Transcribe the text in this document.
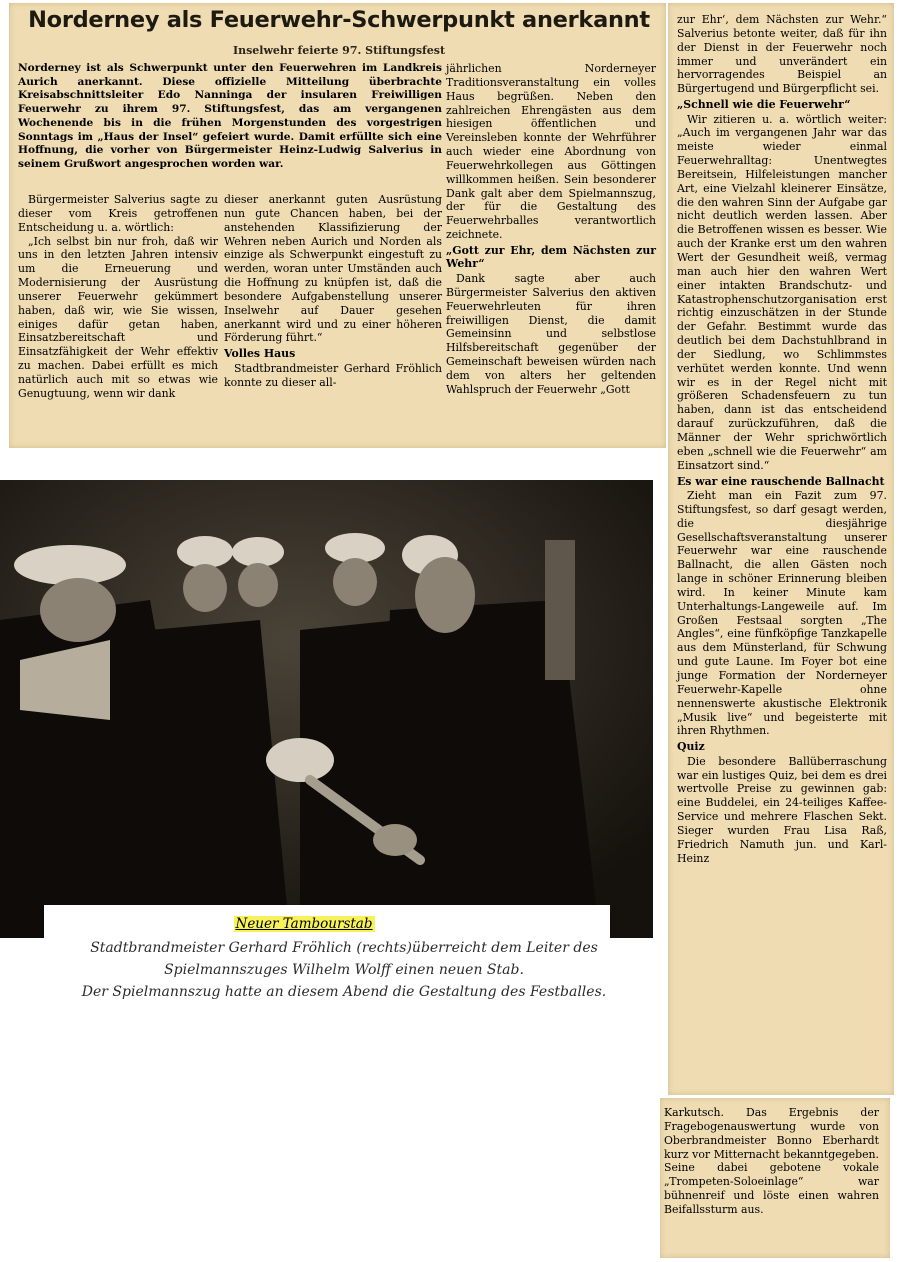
Norderney als Feuerwehr-Schwerpunkt anerkannt
Inselwehr feierte 97. Stiftungsfest
Norderney ist als Schwerpunkt unter den Feuerwehren im Landkreis Aurich anerkannt. Diese offizielle Mitteilung überbrachte Kreisabschnittsleiter Edo Nanninga der insularen Freiwilligen Feuerwehr zu ihrem 97. Stiftungsfest, das am vergangenen Wochenende bis in die frühen Morgenstunden des vorgestrigen Sonntags im „Haus der Insel“ gefeiert wurde. Damit erfüllte sich eine Hoffnung, die vorher von Bürgermeister Heinz-Ludwig Salverius in seinem Grußwort angesprochen worden war.

Bürgermeister Salverius sagte zu dieser vom Kreis getroffenen Entscheidung u. a. wörtlich:

„Ich selbst bin nur froh, daß wir uns in den letzten Jahren intensiv um die Erneuerung und Modernisierung der Ausrüstung unserer Feuerwehr gekümmert haben, daß wir, wie Sie wissen, einiges dafür getan haben, Einsatzbereitschaft und Einsatzfähigkeit der Wehr effektiv zu machen. Dabei erfüllt es mich natürlich auch mit so etwas wie Genugtuung, wenn wir dank

dieser anerkannt guten Ausrüstung nun gute Chancen haben, bei der anstehenden Klassifizierung der Wehren neben Aurich und Norden als einzige als Schwerpunkt eingestuft zu werden, woran unter Umständen auch die Hoffnung zu knüpfen ist, daß die besondere Aufgabenstellung unserer Inselwehr auf Dauer gesehen anerkannt wird und zu einer höheren Förderung führt.“

Volles Haus

Stadtbrandmeister Gerhard Fröhlich konnte zu dieser all-

jährlichen Norderneyer Traditionsveranstaltung ein volles Haus begrüßen. Neben den zahlreichen Ehrengästen aus dem hiesigen öffentlichen und Vereinsleben konnte der Wehrführer auch wieder eine Abordnung von Feuerwehrkollegen aus Göttingen willkommen heißen. Sein besonderer Dank galt aber dem Spielmannszug, der für die Gestaltung des Feuerwehrballes verantwortlich zeichnete.

„Gott zur Ehr, dem Nächsten zur Wehr“

Dank sagte aber auch Bürgermeister Salverius den aktiven Feuerwehrleuten für ihren freiwilligen Dienst, die damit Gemeinsinn und selbstlose Hilfsbereitschaft gegenüber der Gemeinschaft beweisen würden nach dem von alters her geltenden Wahlspruch der Feuerwehr „Gott

zur Ehr‘, dem Nächsten zur Wehr.“ Salverius betonte weiter, daß für ihn der Dienst in der Feuerwehr noch immer und unverändert ein hervorragendes Beispiel an Bürgertugend und Bürgerpflicht sei.

„Schnell wie die Feuerwehr“

Wir zitieren u. a. wörtlich weiter: „Auch im vergangenen Jahr war das meiste wieder einmal Feuerwehralltag: Unentwegtes Bereitsein, Hilfeleistungen mancher Art, eine Vielzahl kleinerer Einsätze, die den wahren Sinn der Aufgabe gar nicht deutlich werden lassen. Aber die Betroffenen wissen es besser. Wie auch der Kranke erst um den wahren Wert der Gesundheit weiß, vermag man auch hier den wahren Wert einer intakten Brandschutz- und Katastrophenschutzorganisation erst richtig einzuschätzen in der Stunde der Gefahr. Bestimmt wurde das deutlich bei dem Dachstuhlbrand in der Siedlung, wo Schlimmstes verhütet werden konnte. Und wenn wir es in der Regel nicht mit größeren Schadensfeuern zu tun haben, dann ist das entscheidend darauf zurückzuführen, daß die Männer der Wehr sprichwörtlich eben „schnell wie die Feuerwehr“ am Einsatzort sind.“

Es war eine rauschende Ballnacht

Zieht man ein Fazit zum 97. Stiftungsfest, so darf gesagt werden, die diesjährige Gesellschaftsveranstaltung unserer Feuerwehr war eine rauschende Ballnacht, die allen Gästen noch lange in schöner Erinnerung bleiben wird. In keiner Minute kam Unterhaltungs-Langeweile auf. Im Großen Festsaal sorgten „The Angles“, eine fünfköpfige Tanzkapelle aus dem Münsterland, für Schwung und gute Laune. Im Foyer bot eine junge Formation der Norderneyer Feuerwehr-Kapelle ohne nennenswerte akustische Elektronik „Musik live“ und begeisterte mit ihren Rhythmen.

Quiz

Die besondere Ballüberraschung war ein lustiges Quiz, bei dem es drei wertvolle Preise zu gewinnen gab: eine Buddelei, ein 24-teiliges Kaffee-Service und mehrere Flaschen Sekt. Sieger wurden Frau Lisa Raß, Friedrich Namuth jun. und Karl-Heinz

Karkutsch. Das Ergebnis der Fragebogenauswertung wurde von Oberbrandmeister Bonno Eberhardt kurz vor Mitternacht bekanntgegeben. Seine dabei gebotene vokale „Trompeten-Soloeinlage“ war bühnenreif und löste einen wahren Beifallssturm aus.

Neuer Tambourstab
Stadtbrandmeister Gerhard Fröhlich (rechts)überreicht dem Leiter des
Spielmannszuges Wilhelm Wolff einen neuen Stab.
Der Spielmannszug hatte an diesem Abend die Gestaltung des Festballes.
